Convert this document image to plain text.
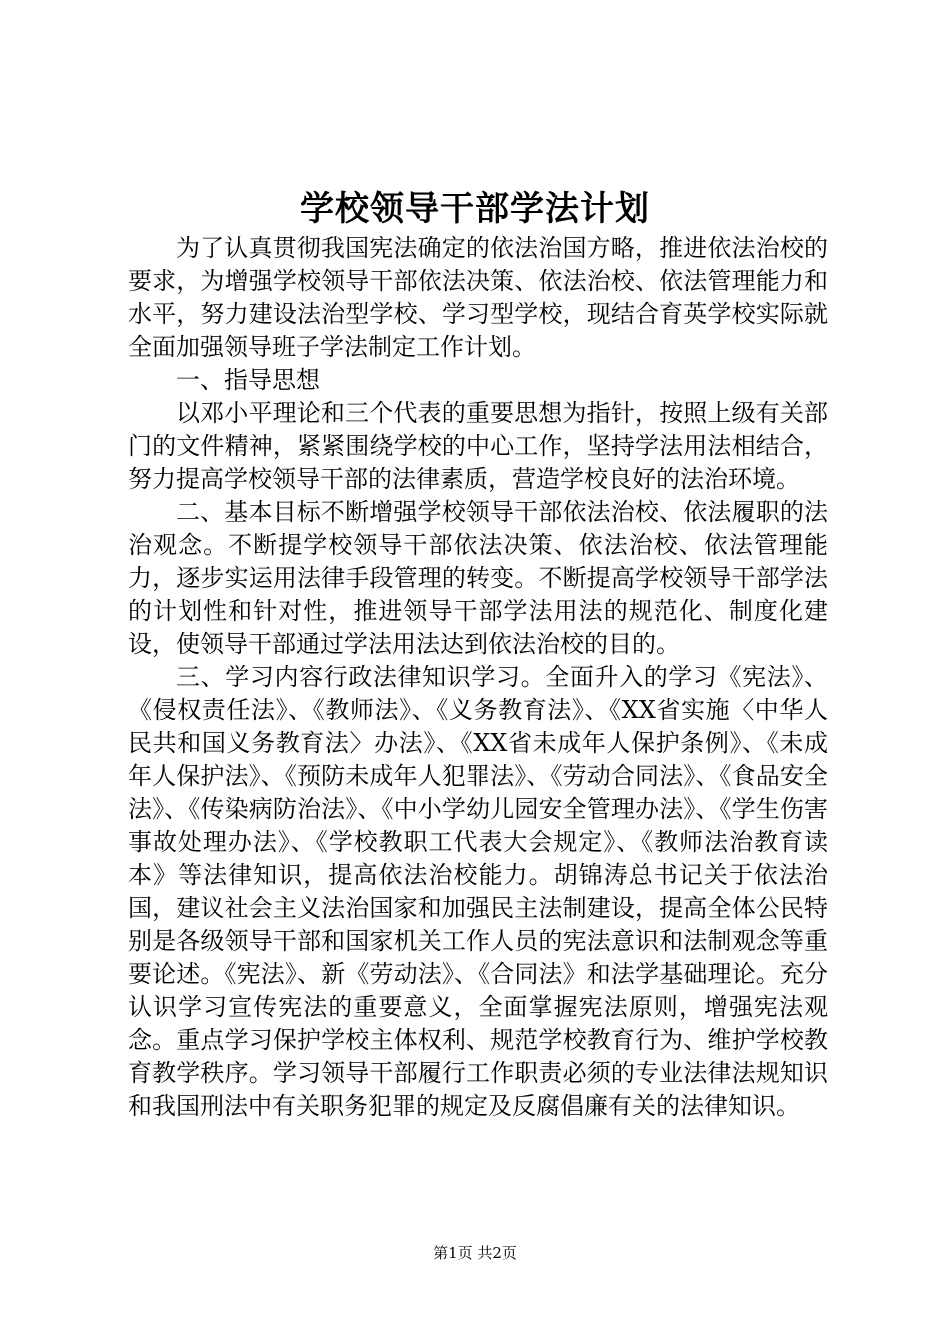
学校领导干部学法计划

为了认真贯彻我国宪法确定的依法治国方略，推进依法治校的要求，为增强学校领导干部依法决策、依法治校、依法管理能力和水平，努力建设法治型学校、学习型学校，现结合育英学校实际就全面加强领导班子学法制定工作计划。

一、指导思想

以邓小平理论和三个代表的重要思想为指针，按照上级有关部门的文件精神，紧紧围绕学校的中心工作，坚持学法用法相结合，努力提高学校领导干部的法律素质，营造学校良好的法治环境。

二、基本目标不断增强学校领导干部依法治校、依法履职的法治观念。不断提学校领导干部依法决策、依法治校、依法管理能力，逐步实运用法律手段管理的转变。不断提高学校领导干部学法的计划性和针对性，推进领导干部学法用法的规范化、制度化建设，使领导干部通过学法用法达到依法治校的目的。

三、学习内容行政法律知识学习。全面升入的学习《宪法》、《侵权责任法》、《教师法》、《义务教育法》、《XX省实施〈中华人民共和国义务教育法〉办法》、《XX省未成年人保护条例》、《未成年人保护法》、《预防未成年人犯罪法》、《劳动合同法》、《食品安全法》、《传染病防治法》、《中小学幼儿园安全管理办法》、《学生伤害事故处理办法》、《学校教职工代表大会规定》、《教师法治教育读本》等法律知识，提高依法治校能力。胡锦涛总书记关于依法治国，建议社会主义法治国家和加强民主法制建设，提高全体公民特别是各级领导干部和国家机关工作人员的宪法意识和法制观念等重要论述。《宪法》、新《劳动法》、《合同法》和法学基础理论。充分认识学习宣传宪法的重要意义，全面掌握宪法原则，增强宪法观念。重点学习保护学校主体权利、规范学校教育行为、维护学校教育教学秩序。学习领导干部履行工作职责必须的专业法律法规知识和我国刑法中有关职务犯罪的规定及反腐倡廉有关的法律知识。

第1页 共2页
